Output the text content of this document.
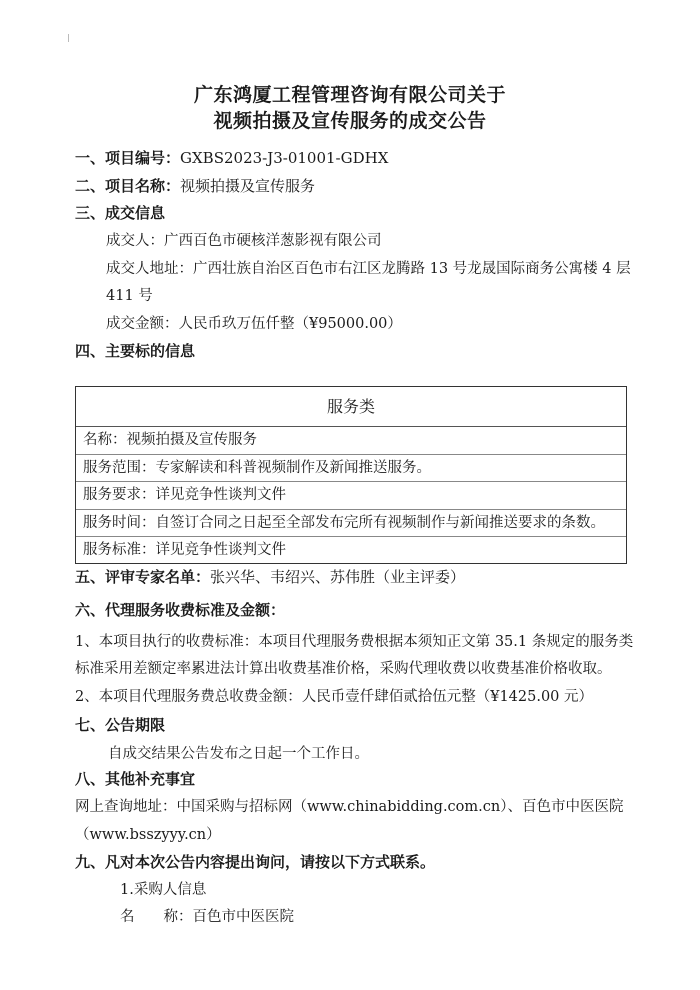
广东鸿厦工程管理咨询有限公司关于
视频拍摄及宣传服务的成交公告
一、项目编号：GXBS2023-J3-01001-GDHX
二、项目名称：视频拍摄及宣传服务
三、成交信息
成交人：广西百色市硬核洋葱影视有限公司
成交人地址：广西壮族自治区百色市右江区龙腾路 13 号龙晟国际商务公寓楼 4 层
411 号
成交金额：人民币玖万伍仟整（¥95000.00）
四、主要标的信息
服务类
名称：视频拍摄及宣传服务
服务范围：专家解读和科普视频制作及新闻推送服务。
服务要求：详见竞争性谈判文件
服务时间：自签订合同之日起至全部发布完所有视频制作与新闻推送要求的条数。
服务标准：详见竞争性谈判文件
五、评审专家名单：张兴华、韦绍兴、苏伟胜（业主评委）
六、代理服务收费标准及金额：
1、本项目执行的收费标准：本项目代理服务费根据本须知正文第 35.1 条规定的服务类
标准采用差额定率累进法计算出收费基准价格，采购代理收费以收费基准价格收取。
2、本项目代理服务费总收费金额：人民币壹仟肆佰贰拾伍元整（¥1425.00 元）
七、公告期限
自成交结果公告发布之日起一个工作日。
八、其他补充事宜
网上查询地址：中国采购与招标网（www.chinabidding.com.cn）、百色市中医医院
（www.bsszyyy.cn）
九、凡对本次公告内容提出询问，请按以下方式联系。
1.采购人信息
名　　称：百色市中医医院
